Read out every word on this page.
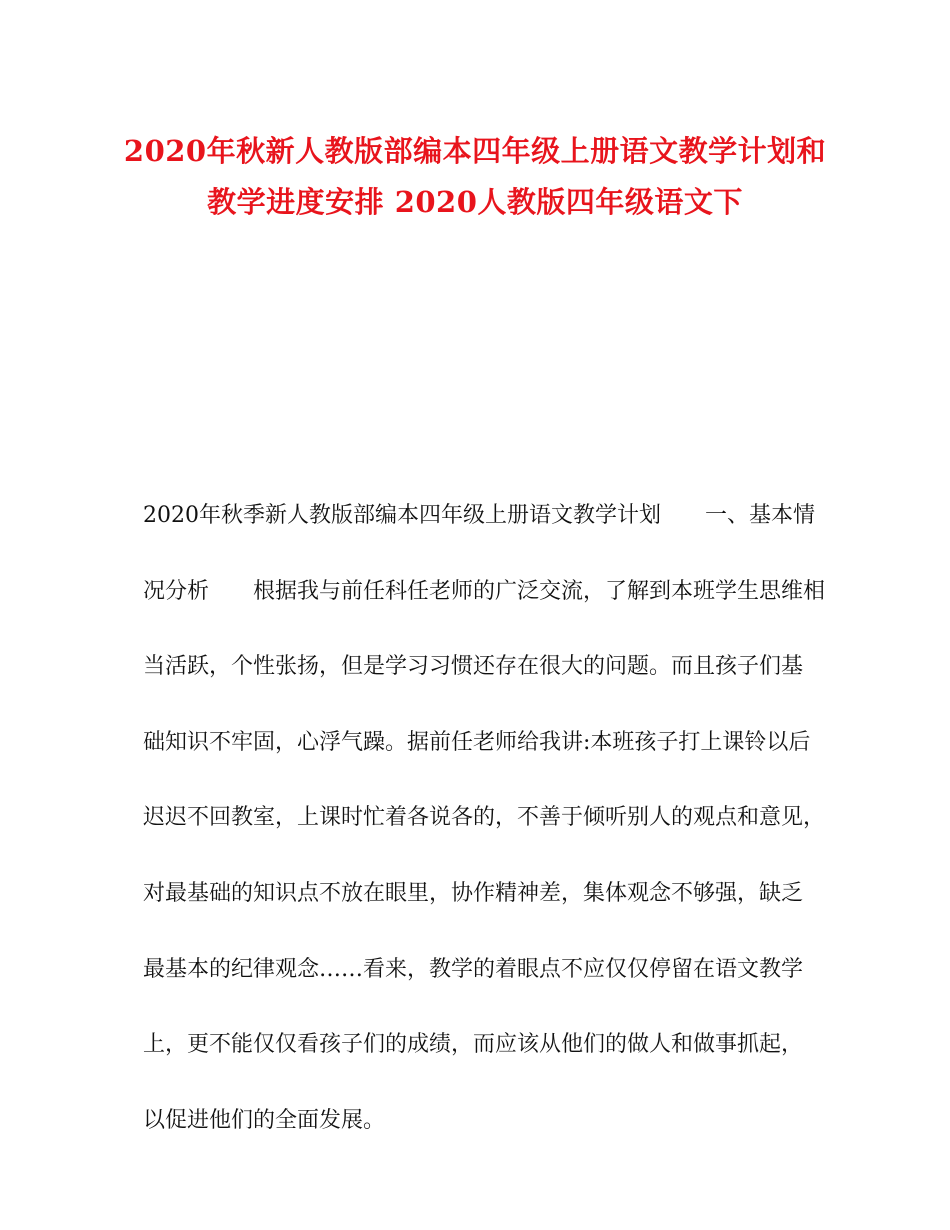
2020年秋新人教版部编本四年级上册语文教学计划和
教学进度安排 2020人教版四年级语文下
2020年秋季新人教版部编本四年级上册语文教学计划　　一、基本情
况分析　　根据我与前任科任老师的广泛交流，了解到本班学生思维相
当活跃，个性张扬，但是学习习惯还存在很大的问题。而且孩子们基
础知识不牢固，心浮气躁。据前任老师给我讲:本班孩子打上课铃以后
迟迟不回教室，上课时忙着各说各的，不善于倾听别人的观点和意见，
对最基础的知识点不放在眼里，协作精神差，集体观念不够强，缺乏
最基本的纪律观念……看来，教学的着眼点不应仅仅停留在语文教学
上，更不能仅仅看孩子们的成绩，而应该从他们的做人和做事抓起，
以促进他们的全面发展。
